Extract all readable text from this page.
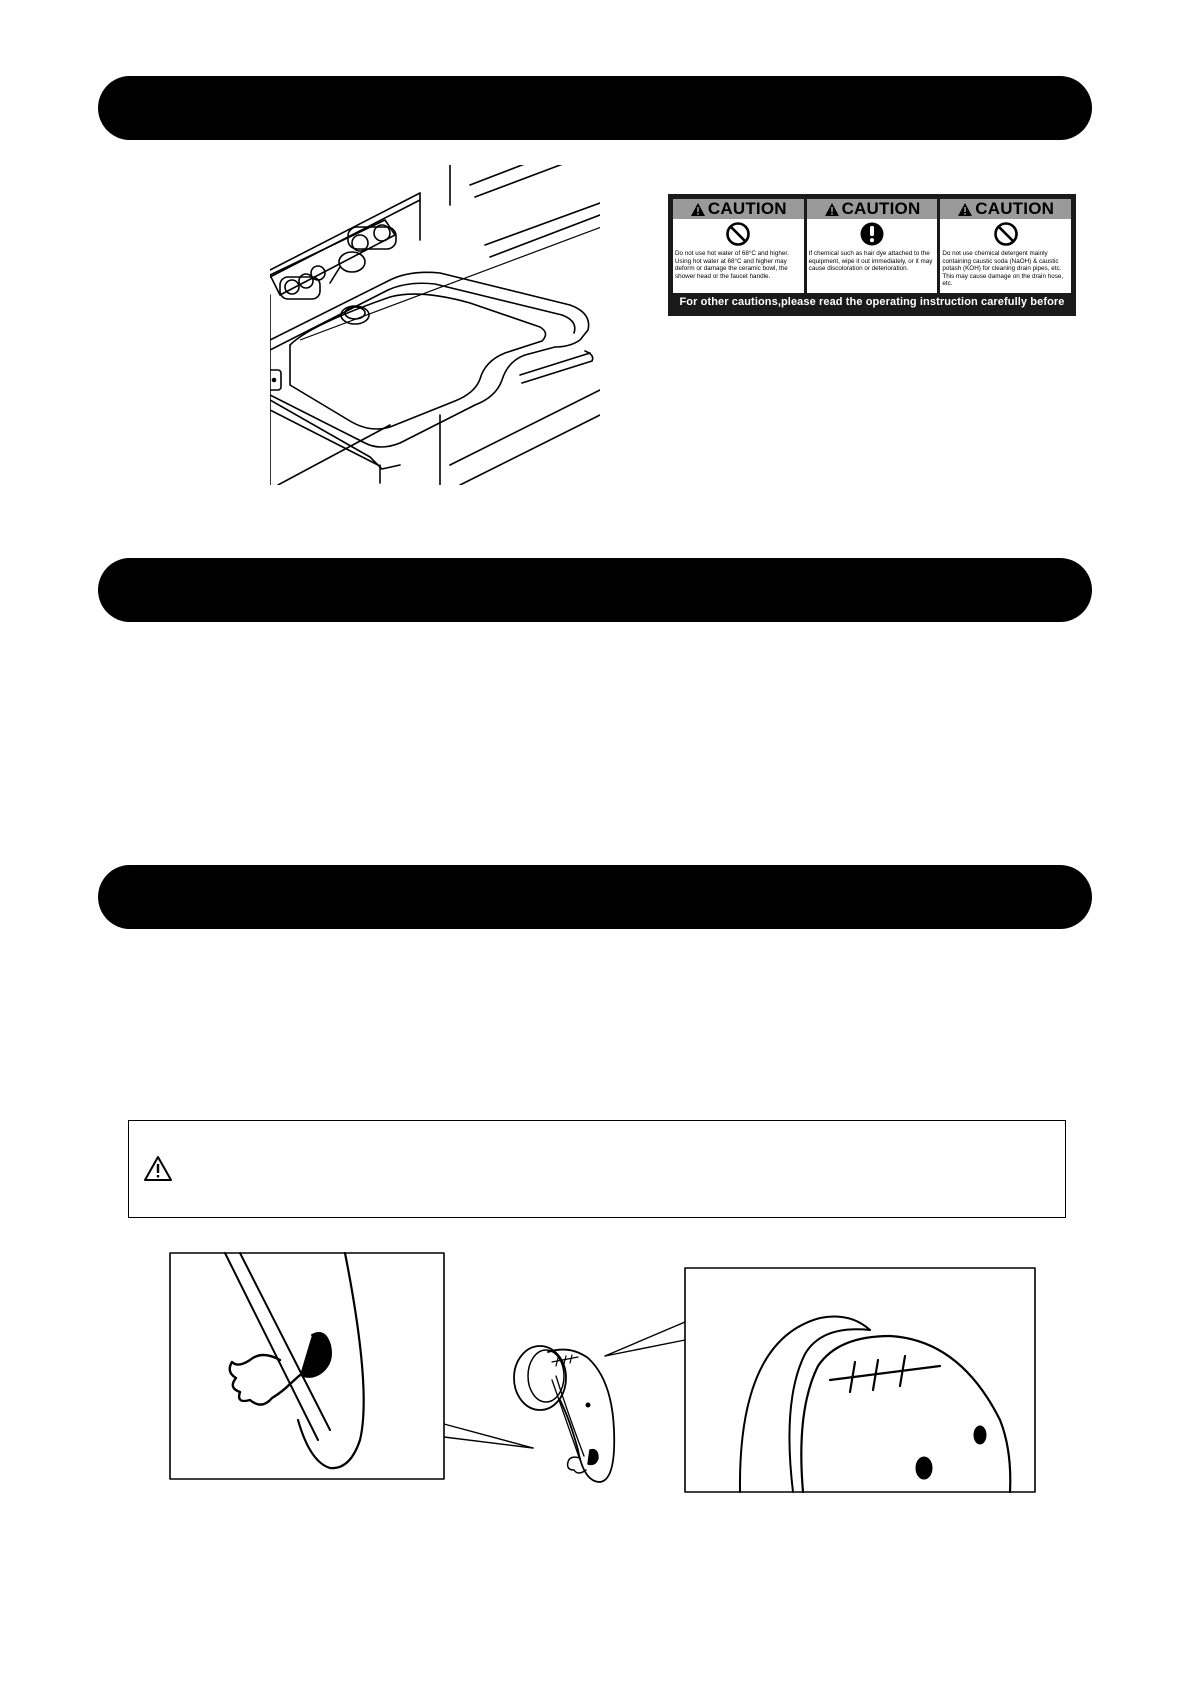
CAUTION
Do not use hot water of 68°C and higher. Using hot water at 68°C and higher may deform or damage the ceramic bowl, the shower head or the faucet handle.
CAUTION
If chemical such as hair dye attached to the equipment, wipe it out immediately, or it may cause discoloration or deterioration.
CAUTION
Do not use chemical detergent mainly containing caustic soda (NaOH) & caustic potash (KOH) for cleaning drain pipes, etc. This may cause damage on the drain hose, etc.
For other cautions,please read the operating instruction carefully before use.
